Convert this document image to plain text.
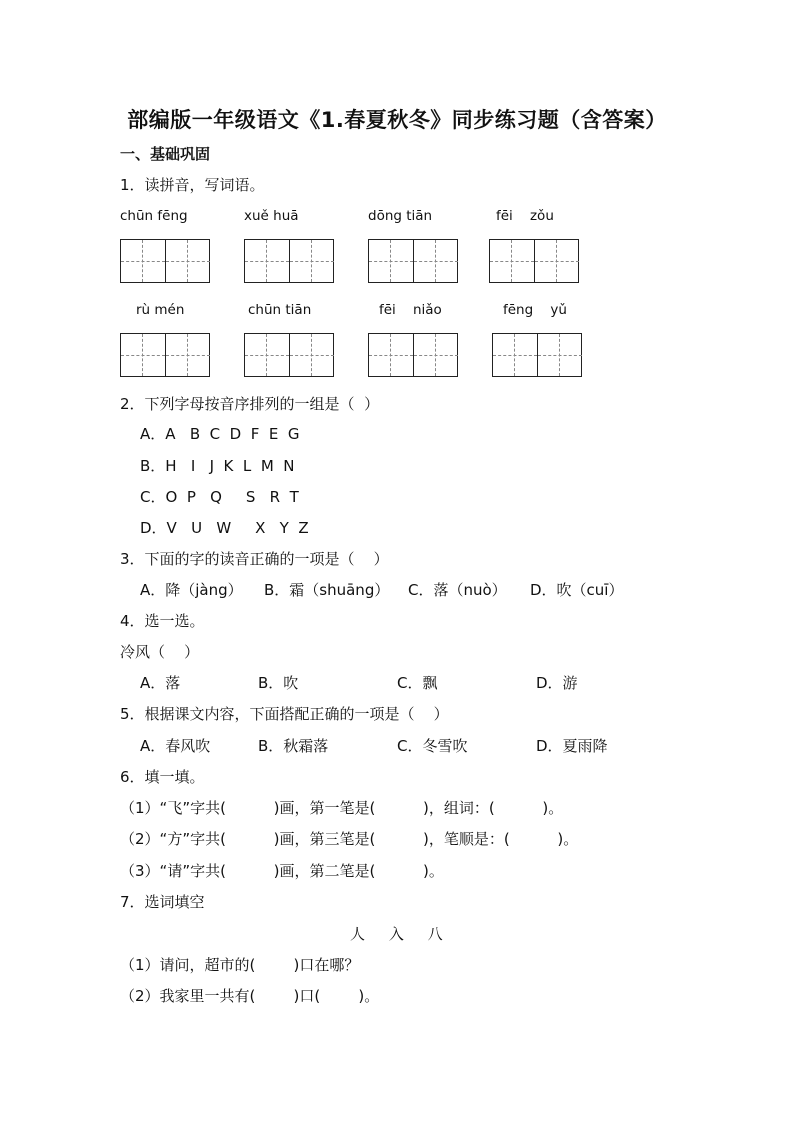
部编版一年级语文《1.春夏秋冬》同步练习题（含答案）
一、基础巩固
1．读拼音，写词语。
chūn fēng	xuě huā	dōng tiān	fēi    zǒu
rù mén	chūn tiān	fēi    niǎo	fēng    yǔ
2．下列字母按音序排列的一组是（  ）
A．A   B  C  D  F  E  G
B．H   I   J  K  L  M  N
C．O  P   Q     S   R  T
D．V   U   W     X   Y  Z
3．下面的字的读音正确的一项是（    ）
A．降（jàng） B．霜（shuāng） C．落（nuò） D．吹（cuī）
4．选一选。
冷风（    ）
A．落	B．吹	C．飘	D．游
5．根据课文内容，下面搭配正确的一项是（    ）
A．春风吹	B．秋霜落	C．冬雪吹	D．夏雨降
6．填一填。
（1）“飞”字共(          )画，第一笔是(          )，组词：(          )。
（2）“方”字共(          )画，第三笔是(          )，笔顺是：(          )。
（3）“请”字共(          )画，第二笔是(          )。
7．选词填空
人     入     八
（1）请问，超市的(        )口在哪？
（2）我家里一共有(        )口(        )。
